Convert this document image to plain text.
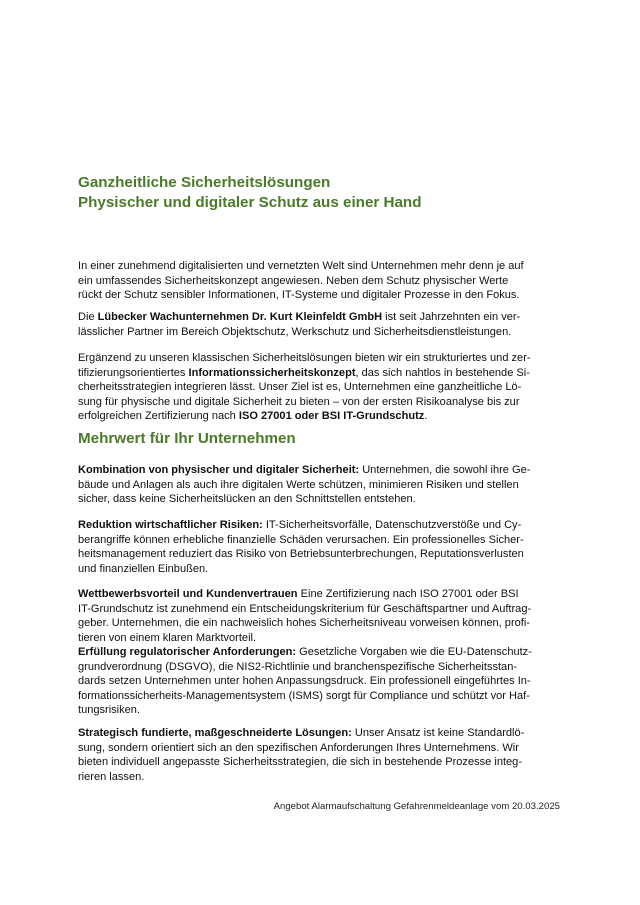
Ganzheitliche Sicherheitslösungen
Physischer und digitaler Schutz aus einer Hand
In einer zunehmend digitalisierten und vernetzten Welt sind Unternehmen mehr denn je auf
ein umfassendes Sicherheitskonzept angewiesen. Neben dem Schutz physischer Werte
rückt der Schutz sensibler Informationen, IT-Systeme und digitaler Prozesse in den Fokus.
Die Lübecker Wachunternehmen Dr. Kurt Kleinfeldt GmbH ist seit Jahrzehnten ein ver-
lässlicher Partner im Bereich Objektschutz, Werkschutz und Sicherheitsdienstleistungen.
Ergänzend zu unseren klassischen Sicherheitslösungen bieten wir ein strukturiertes und zer-
tifizierungsorientiertes Informationssicherheitskonzept, das sich nahtlos in bestehende Si-
cherheitsstrategien integrieren lässt. Unser Ziel ist es, Unternehmen eine ganzheitliche Lö-
sung für physische und digitale Sicherheit zu bieten – von der ersten Risikoanalyse bis zur
erfolgreichen Zertifizierung nach ISO 27001 oder BSI IT-Grundschutz.
Mehrwert für Ihr Unternehmen
Kombination von physischer und digitaler Sicherheit: Unternehmen, die sowohl ihre Ge-
bäude und Anlagen als auch ihre digitalen Werte schützen, minimieren Risiken und stellen
sicher, dass keine Sicherheitslücken an den Schnittstellen entstehen.
Reduktion wirtschaftlicher Risiken: IT-Sicherheitsvorfälle, Datenschutzverstöße und Cy-
berangriffe können erhebliche finanzielle Schäden verursachen. Ein professionelles Sicher-
heitsmanagement reduziert das Risiko von Betriebsunterbrechungen, Reputationsverlusten
und finanziellen Einbußen.
Wettbewerbsvorteil und Kundenvertrauen Eine Zertifizierung nach ISO 27001 oder BSI
IT-Grundschutz ist zunehmend ein Entscheidungskriterium für Geschäftspartner und Auftrag-
geber. Unternehmen, die ein nachweislich hohes Sicherheitsniveau vorweisen können, profi-
tieren von einem klaren Marktvorteil.
Erfüllung regulatorischer Anforderungen: Gesetzliche Vorgaben wie die EU-Datenschutz-
grundverordnung (DSGVO), die NIS2-Richtlinie und branchenspezifische Sicherheitsstan-
dards setzen Unternehmen unter hohen Anpassungsdruck. Ein professionell eingeführtes In-
formationssicherheits-Managementsystem (ISMS) sorgt für Compliance und schützt vor Haf-
tungsrisiken.
Strategisch fundierte, maßgeschneiderte Lösungen: Unser Ansatz ist keine Standardlö-
sung, sondern orientiert sich an den spezifischen Anforderungen Ihres Unternehmens. Wir
bieten individuell angepasste Sicherheitsstrategien, die sich in bestehende Prozesse integ-
rieren lassen.
Angebot Alarmaufschaltung Gefahrenmeldeanlage vom 20.03.2025
